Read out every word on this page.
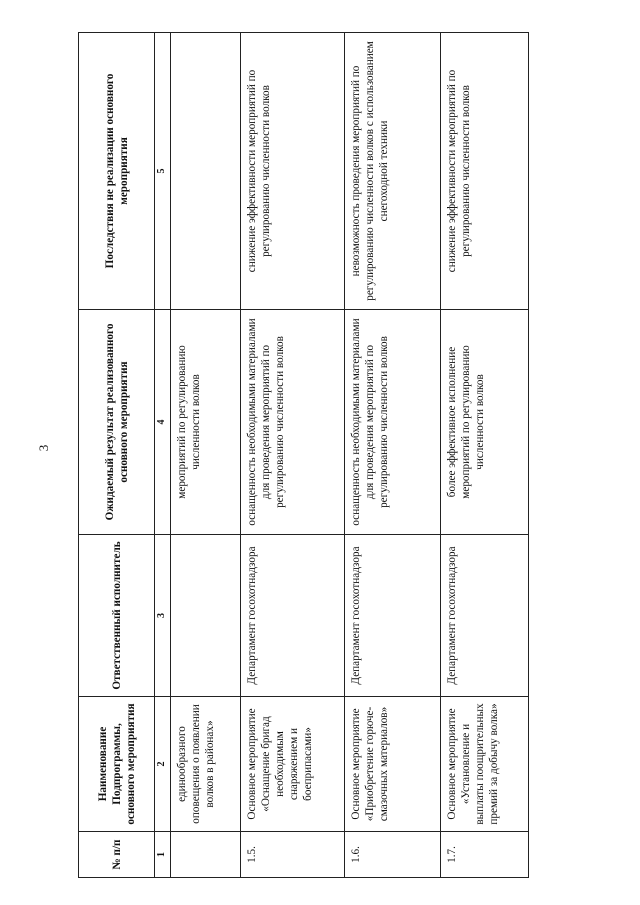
3
№ п/п	Наименование Подпрограммы, основного мероприятия	Ответственный исполнитель	Ожидаемый результат реализованного основного мероприятия	Последствия не реализации основного мероприятия
1	2	3	4	5
	единообразного оповещения о появлении волков в районах»		мероприятий по регулированию численности волков	
1.5.	Основное мероприятие «Оснащение бригад необходимым снаряжением и боеприпасами»	Департамент госохотнадзора	оснащенность необходимыми материалами для проведения мероприятий по регулированию численности волков	снижение эффективности мероприятий по регулированию численности волков
1.6.	Основное мероприятие «Приобретение горюче-смазочных материалов»	Департамент госохотнадзора	оснащенность необходимыми материалами для проведения мероприятий по регулированию численности волков	невозможность проведения мероприятий по регулированию численности волков с использованием снегоходной техники
1.7.	Основное мероприятие «Установление и выплаты поощрительных премий за добычу волка»	Департамент госохотнадзора	более эффективное исполнение мероприятий по регулированию численности волков	снижение эффективности мероприятий по регулированию численности волков
